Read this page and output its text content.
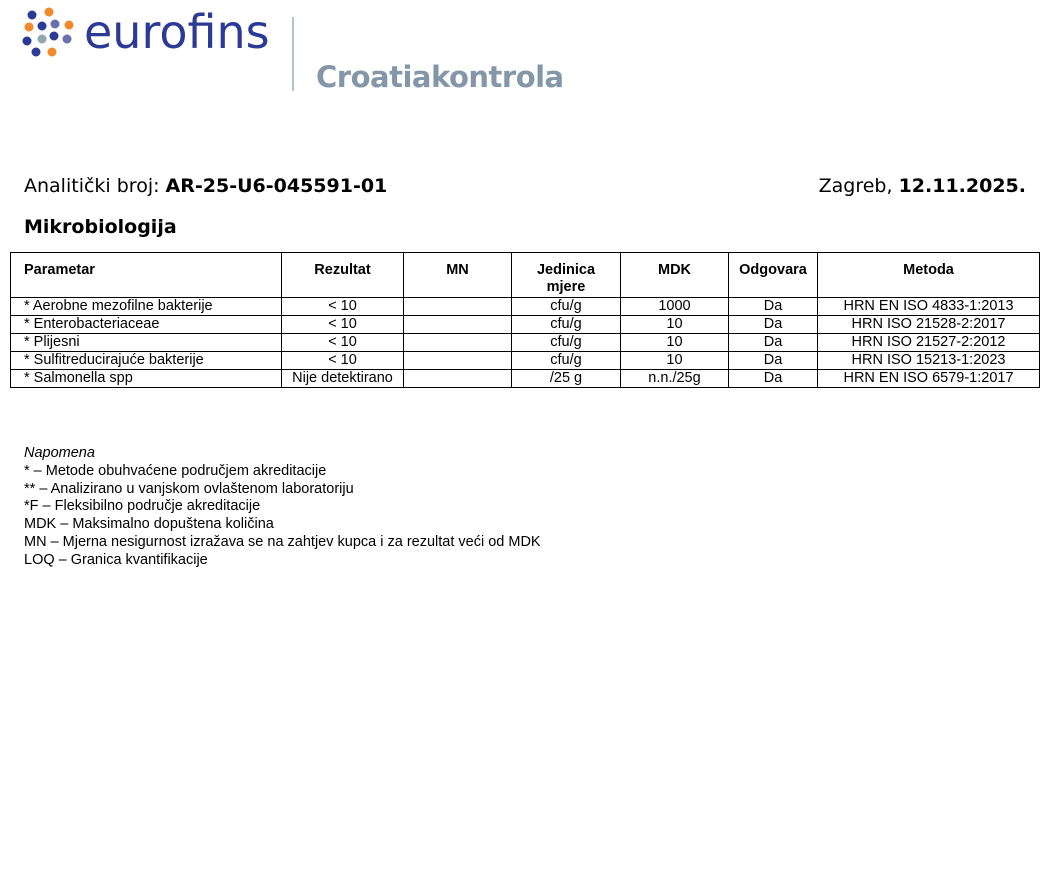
eurofins
Croatiakontrola
Analitički broj: AR-25-U6-045591-01	Zagreb, 12.11.2025.
Mikrobiologija
Parametar	Rezultat	MN	Jedinica mjere	MDK	Odgovara	Metoda
* Aerobne mezofilne bakterije	< 10		cfu/g	1000	Da	HRN EN ISO 4833-1:2013
* Enterobacteriaceae	< 10		cfu/g	10	Da	HRN ISO 21528-2:2017
* Plijesni	< 10		cfu/g	10	Da	HRN ISO 21527-2:2012
* Sulfitreducirajuće bakterije	< 10		cfu/g	10	Da	HRN ISO 15213-1:2023
* Salmonella spp	Nije detektirano		/25 g	n.n./25g	Da	HRN EN ISO 6579-1:2017
Napomena
* – Metode obuhvaćene područjem akreditacije
** – Analizirano u vanjskom ovlaštenom laboratoriju
*F – Fleksibilno područje akreditacije
MDK – Maksimalno dopuštena količina
MN – Mjerna nesigurnost izražava se na zahtjev kupca i za rezultat veći od MDK
LOQ – Granica kvantifikacije
